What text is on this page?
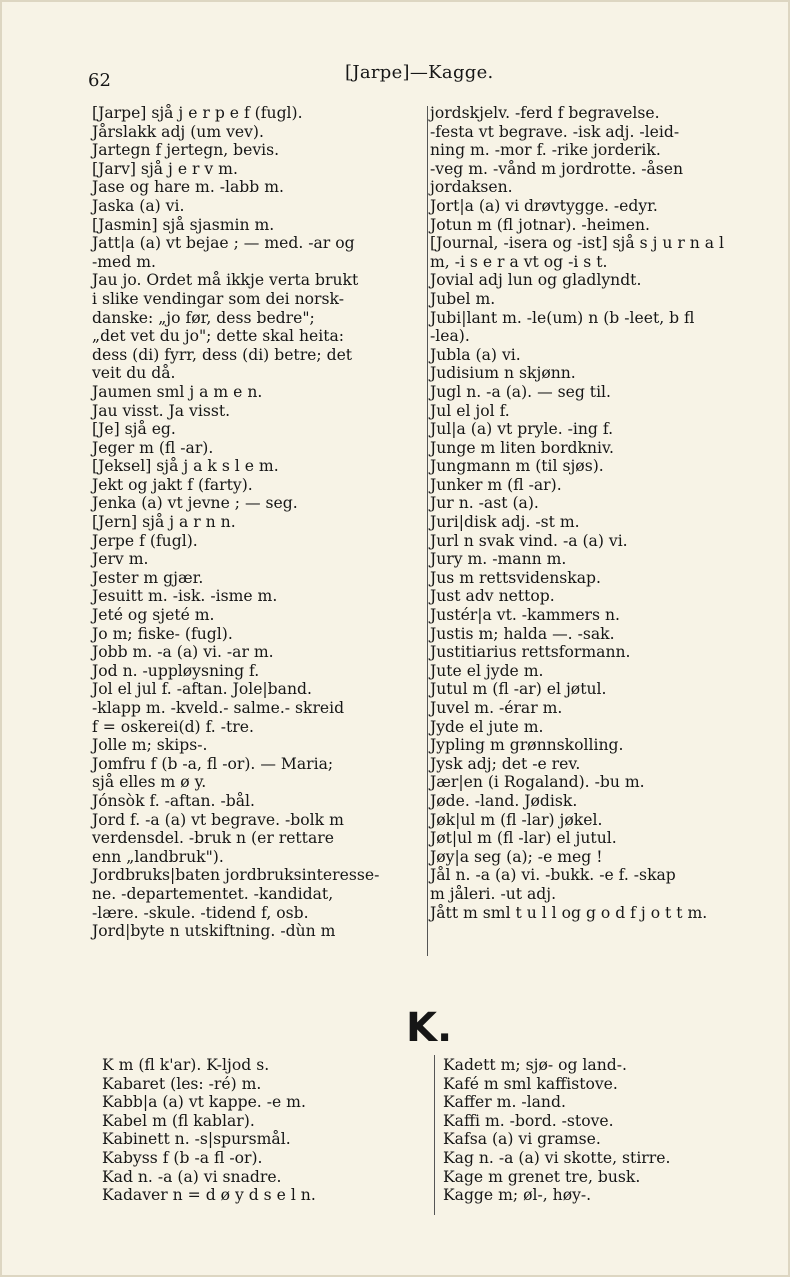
62	[Jarpe]—Kagge.

[Jarpe] sjå j e r p e f (fugl).

Jårslakk adj (um vev).

Jartegn f jertegn, bevis.

[Jarv] sjå j e r v m.

Jase og hare m. -labb m.

Jaska (a) vi.

[Jasmin] sjå sjasmin m.

Jatt|a (a) vt bejae ; — med. -ar og

-med m.

Jau jo. Ordet må ikkje verta brukt

i slike vendingar som dei norsk-

danske: „jo før, dess bedre";

„det vet du jo"; dette skal heita:

dess (di) fyrr, dess (di) betre; det

veit du då.

Jaumen sml j a m e n.

Jau visst. Ja visst.

[Je] sjå eg.

Jeger m (fl -ar).

[Jeksel] sjå j a k s l e m.

Jekt og jakt f (farty).

Jenka (a) vt jevne ; — seg.

[Jern] sjå j a r n n.

Jerpe f (fugl).

Jerv m.

Jester m gjær.

Jesuitt m. -isk. -isme m.

Jeté og sjeté m.

Jo m; fiske- (fugl).

Jobb m. -a (a) vi. -ar m.

Jod n. -uppløysning f.

Jol el jul f. -aftan. Jole|band.

-klapp m. -kveld.- salme.- skreid

f = oskerei(d) f. -tre.

Jolle m; skips-.

Jomfru f (b -a, fl -or). — Maria;

sjå elles m ø y.

Jónsòk f. -aftan. -bål.

Jord f. -a (a) vt begrave. -bolk m

verdensdel. -bruk n (er rettare

enn „landbruk").

Jordbruks|baten jordbruksinteresse-

ne. -departementet. -kandidat,

-lære. -skule. -tidend f, osb.

Jord|byte n utskiftning. -dùn m

jordskjelv. -ferd f begravelse.

-festa vt begrave. -isk adj. -leid-

ning m. -mor f. -rike jorderik.

-veg m. -vånd m jordrotte. -åsen

jordaksen.

Jort|a (a) vi drøvtygge. -edyr.

Jotun m (fl jotnar). -heimen.

[Journal, -isera og -ist] sjå s j u r n a l

m, -i s e r a vt og -i s t.

Jovial adj lun og gladlyndt.

Jubel m.

Jubi|lant m. -le(um) n (b -leet, b fl

-lea).

Jubla (a) vi.

Judisium n skjønn.

Jugl n. -a (a). — seg til.

Jul el jol f.

Jul|a (a) vt pryle. -ing f.

Junge m liten bordkniv.

Jungmann m (til sjøs).

Junker m (fl -ar).

Jur n. -ast (a).

Juri|disk adj. -st m.

Jurl n svak vind. -a (a) vi.

Jury m. -mann m.

Jus m rettsvidenskap.

Just adv nettop.

Justér|a vt. -kammers n.

Justis m; halda —. -sak.

Justitiarius rettsformann.

Jute el jyde m.

Jutul m (fl -ar) el jøtul.

Juvel m. -érar m.

Jyde el jute m.

Jypling m grønnskolling.

Jysk adj; det -e rev.

Jær|en (i Rogaland). -bu m.

Jøde. -land. Jødisk.

Jøk|ul m (fl -lar) jøkel.

Jøt|ul m (fl -lar) el jutul.

Jøy|a seg (a); -e meg !

Jål n. -a (a) vi. -bukk. -e f. -skap

m jåleri. -ut adj.

Jått m sml t u l l og g o d f j o t t m.

K.

K m (fl k'ar). K-ljod s.

Kabaret (les: -ré) m.

Kabb|a (a) vt kappe. -e m.

Kabel m (fl kablar).

Kabinett n. -s|spursmål.

Kabyss f (b -a fl -or).

Kad n. -a (a) vi snadre.

Kadaver n = d ø y d s e l n.

Kadett m; sjø- og land-.

Kafé m sml kaffistove.

Kaffer m. -land.

Kaffi m. -bord. -stove.

Kafsa (a) vi gramse.

Kag n. -a (a) vi skotte, stirre.

Kage m grenet tre, busk.

Kagge m; øl-, høy-.
